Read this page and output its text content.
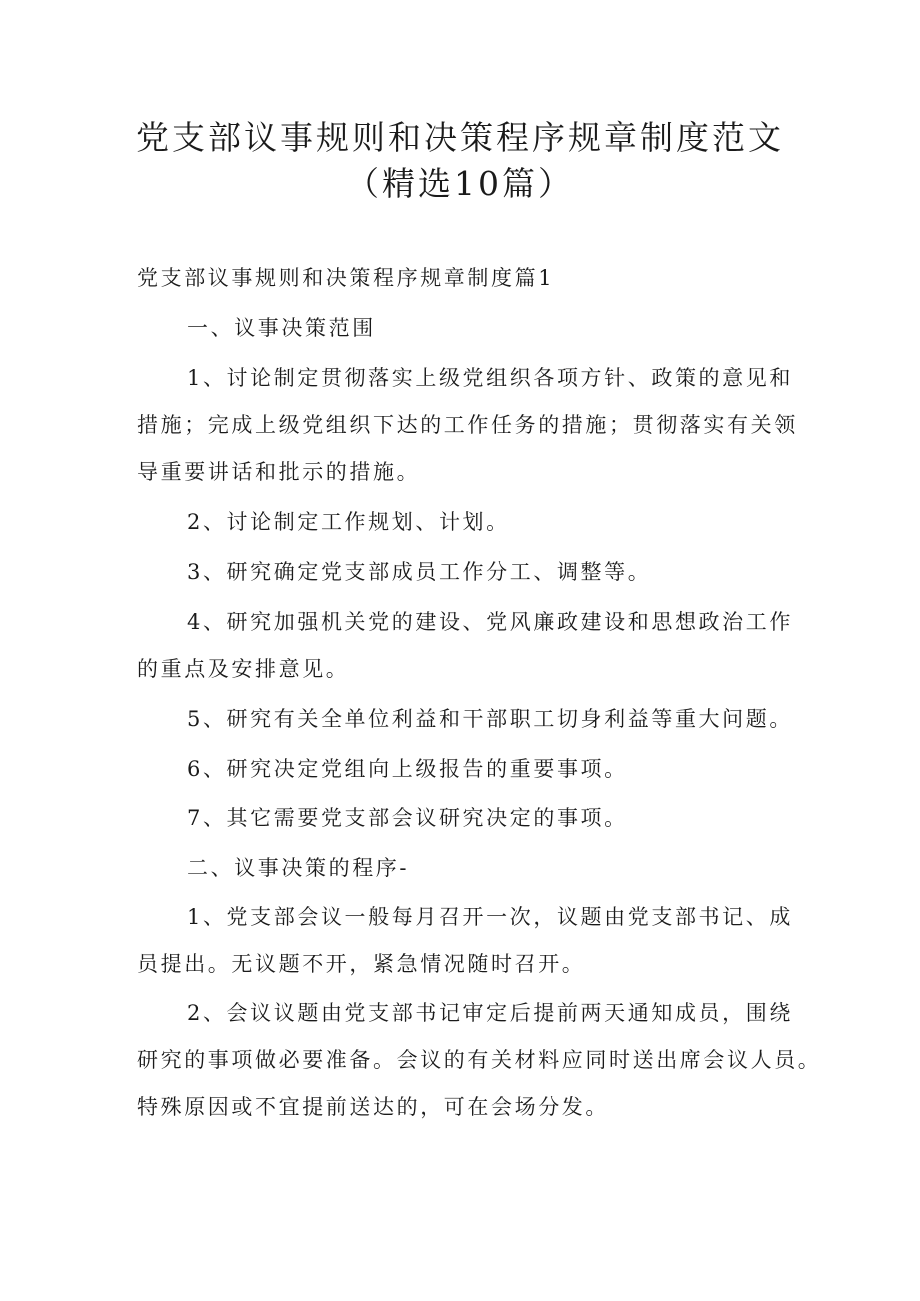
党支部议事规则和决策程序规章制度范文
（精选10篇）
党支部议事规则和决策程序规章制度篇1
一、议事决策范围
1、讨论制定贯彻落实上级党组织各项方针、政策的意见和
措施；完成上级党组织下达的工作任务的措施；贯彻落实有关领
导重要讲话和批示的措施。
2、讨论制定工作规划、计划。
3、研究确定党支部成员工作分工、调整等。
4、研究加强机关党的建设、党风廉政建设和思想政治工作
的重点及安排意见。
5、研究有关全单位利益和干部职工切身利益等重大问题。
6、研究决定党组向上级报告的重要事项。
7、其它需要党支部会议研究决定的事项。
二、议事决策的程序-
1、党支部会议一般每月召开一次，议题由党支部书记、成
员提出。无议题不开，紧急情况随时召开。
2、会议议题由党支部书记审定后提前两天通知成员，围绕
研究的事项做必要准备。会议的有关材料应同时送出席会议人员。
特殊原因或不宜提前送达的，可在会场分发。
